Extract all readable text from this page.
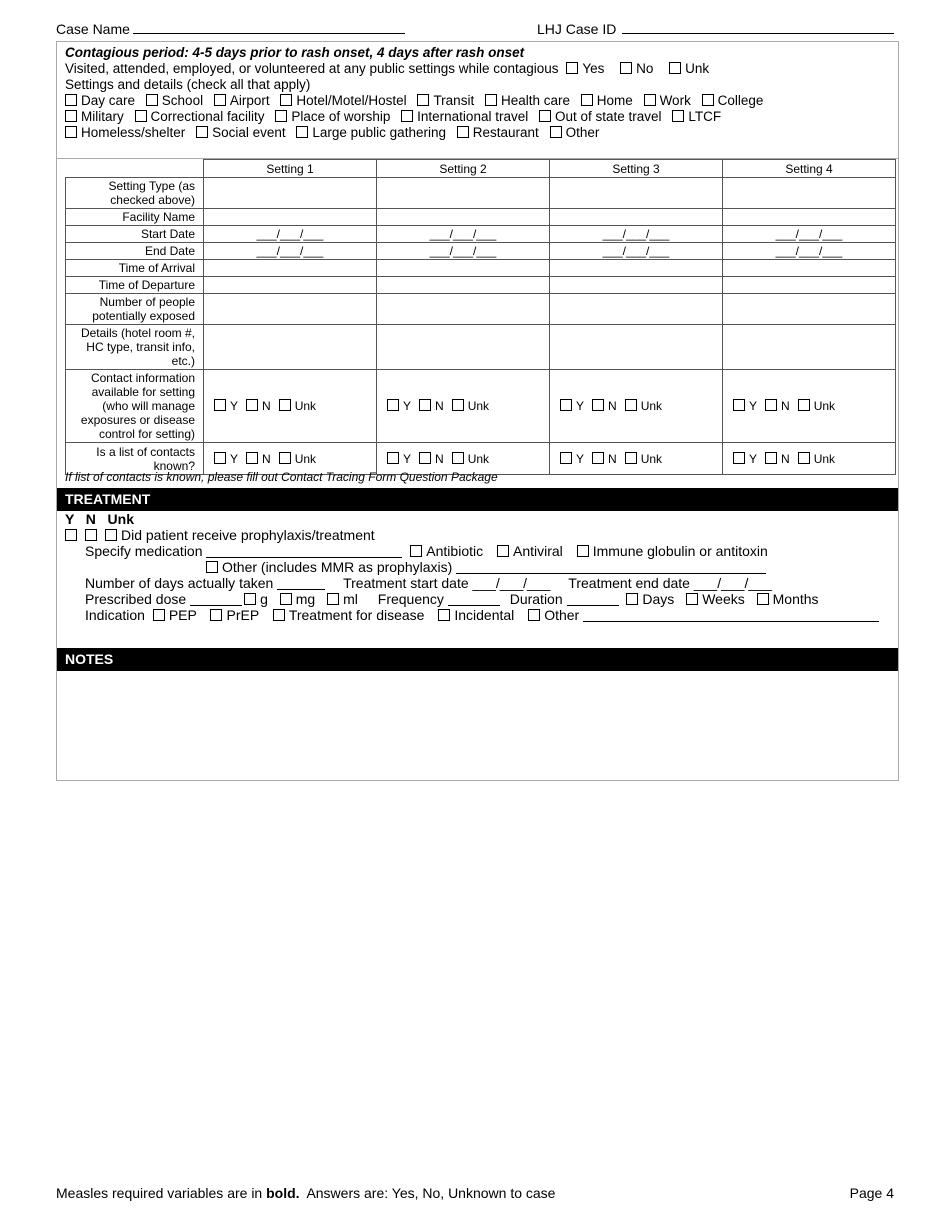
Case Name	LHJ Case ID
Contagious period: 4-5 days prior to rash onset, 4 days after rash onset
Visited, attended, employed, or volunteered at any public settings while contagious Yes No Unk
Settings and details (check all that apply)
Day care School Airport Hotel/Motel/Hostel Transit Health care Home Work College
Military Correctional facility Place of worship International travel Out of state travel LTCF
Homeless/shelter Social event Large public gathering Restaurant Other
	Setting 1	Setting 2	Setting 3	Setting 4
Setting Type (as checked above)				
Facility Name				
Start Date	___/___/___	___/___/___	___/___/___	___/___/___
End Date	___/___/___	___/___/___	___/___/___	___/___/___
Time of Arrival				
Time of Departure				
Number of people potentially exposed				
Details (hotel room #, HC type, transit info, etc.)				
Contact information available for setting (who will manage exposures or disease control for setting)	Y N Unk	Y N Unk	Y N Unk	Y N Unk
Is a list of contacts known?	Y N Unk	Y N Unk	Y N Unk	Y N Unk
If list of contacts is known, please fill out Contact Tracing Form Question Package
TREATMENT
Y   N   Unk
Did patient receive prophylaxis/treatment
Specify medication	Antibiotic Antiviral Immune globulin or antitoxin
Other (includes MMR as prophylaxis)
Number of days actually taken	Treatment start date ___/___/___ Treatment end date ___/___/___
Prescribed dose	g mg ml Frequency	Duration	Days Weeks Months
Indication PEP PrEP Treatment for disease Incidental Other
NOTES
Measles required variables are in bold. Answers are: Yes, No, Unknown to case	Page 4
